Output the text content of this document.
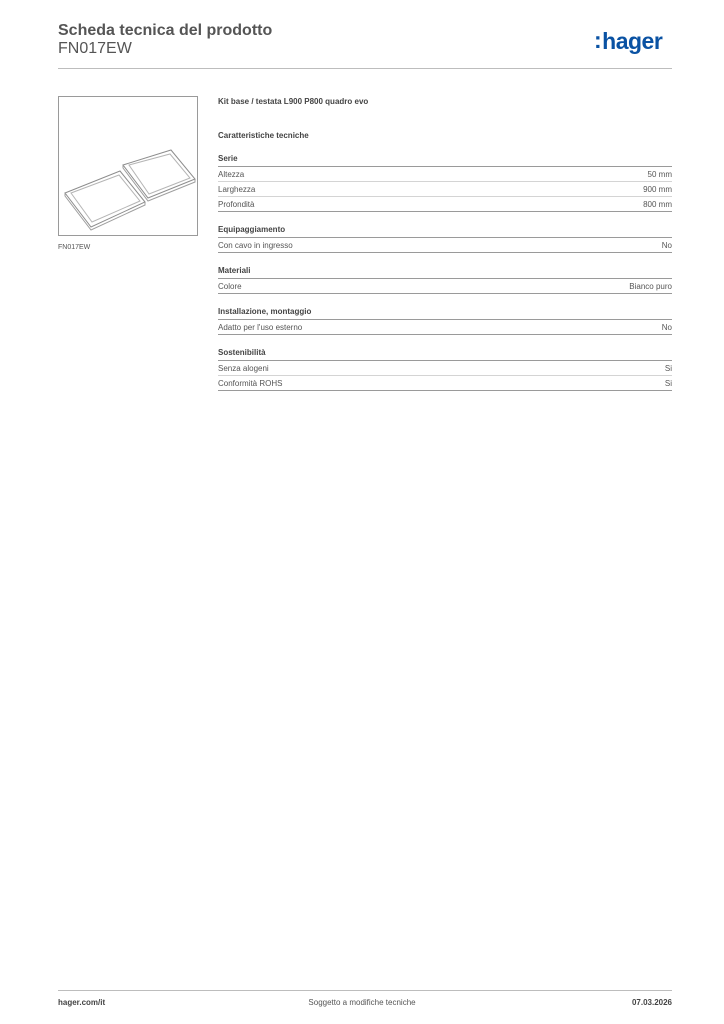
Scheda tecnica del prodotto
FN017EW	:hager
FN017EW
Kit base / testata L900 P800 quadro evo
Caratteristiche tecniche
Serie
Altezza	50 mm
Larghezza	900 mm
Profondità	800 mm
Equipaggiamento
Con cavo in ingresso	No
Materiali
Colore	Bianco puro
Installazione, montaggio
Adatto per l'uso esterno	No
Sostenibilità
Senza alogeni	Si
Conformità ROHS	Si
hager.com/it	Soggetto a modifiche tecniche	07.03.2026
